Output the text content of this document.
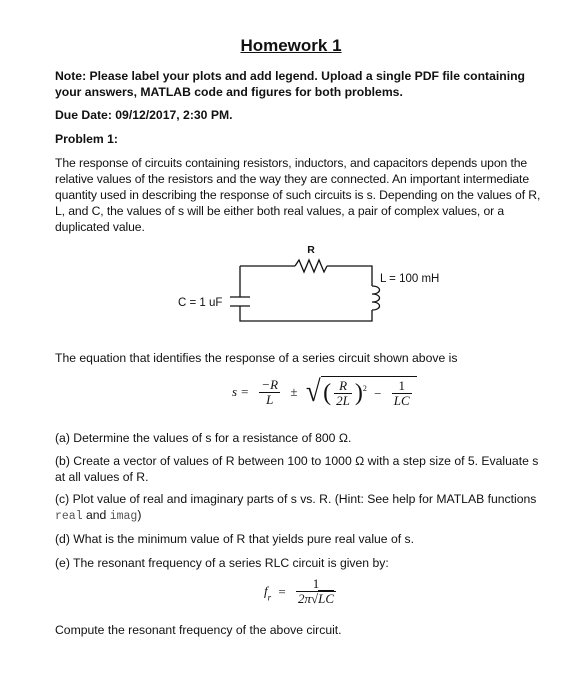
Homework 1
Note: Please label your plots and add legend. Upload a single PDF file containing your answers, MATLAB code and figures for both problems.
Due Date: 09/12/2017, 2:30 PM.
Problem 1:
The response of circuits containing resistors, inductors, and capacitors depends upon the relative values of the resistors and the way they are connected. An important intermediate quantity used in describing the response of such circuits is s. Depending on the values of R, L, and C, the values of s will be either both real values, a pair of complex values, or a duplicated value.
R
L = 100 mH
C = 1 uF
The equation that identifies the response of a series circuit shown above is
$s = \frac{-R}{L}$ ± √ ( $\frac{R}{2L} )^2 - \frac{1}{LC}$
(a) Determine the values of s for a resistance of 800 Ω.
(b) Create a vector of values of R between 100 to 1000 Ω with a step size of 5. Evaluate s at all values of R.
(c) Plot value of real and imaginary parts of s vs. R. (Hint: See help for MATLAB functions
real and imag)
(d) What is the minimum value of R that yields pure real value of s.
(e) The resonant frequency of a series RLC circuit is given by:
$f_r = \frac{1}{2\pi√LC}$
Compute the resonant frequency of the above circuit.
